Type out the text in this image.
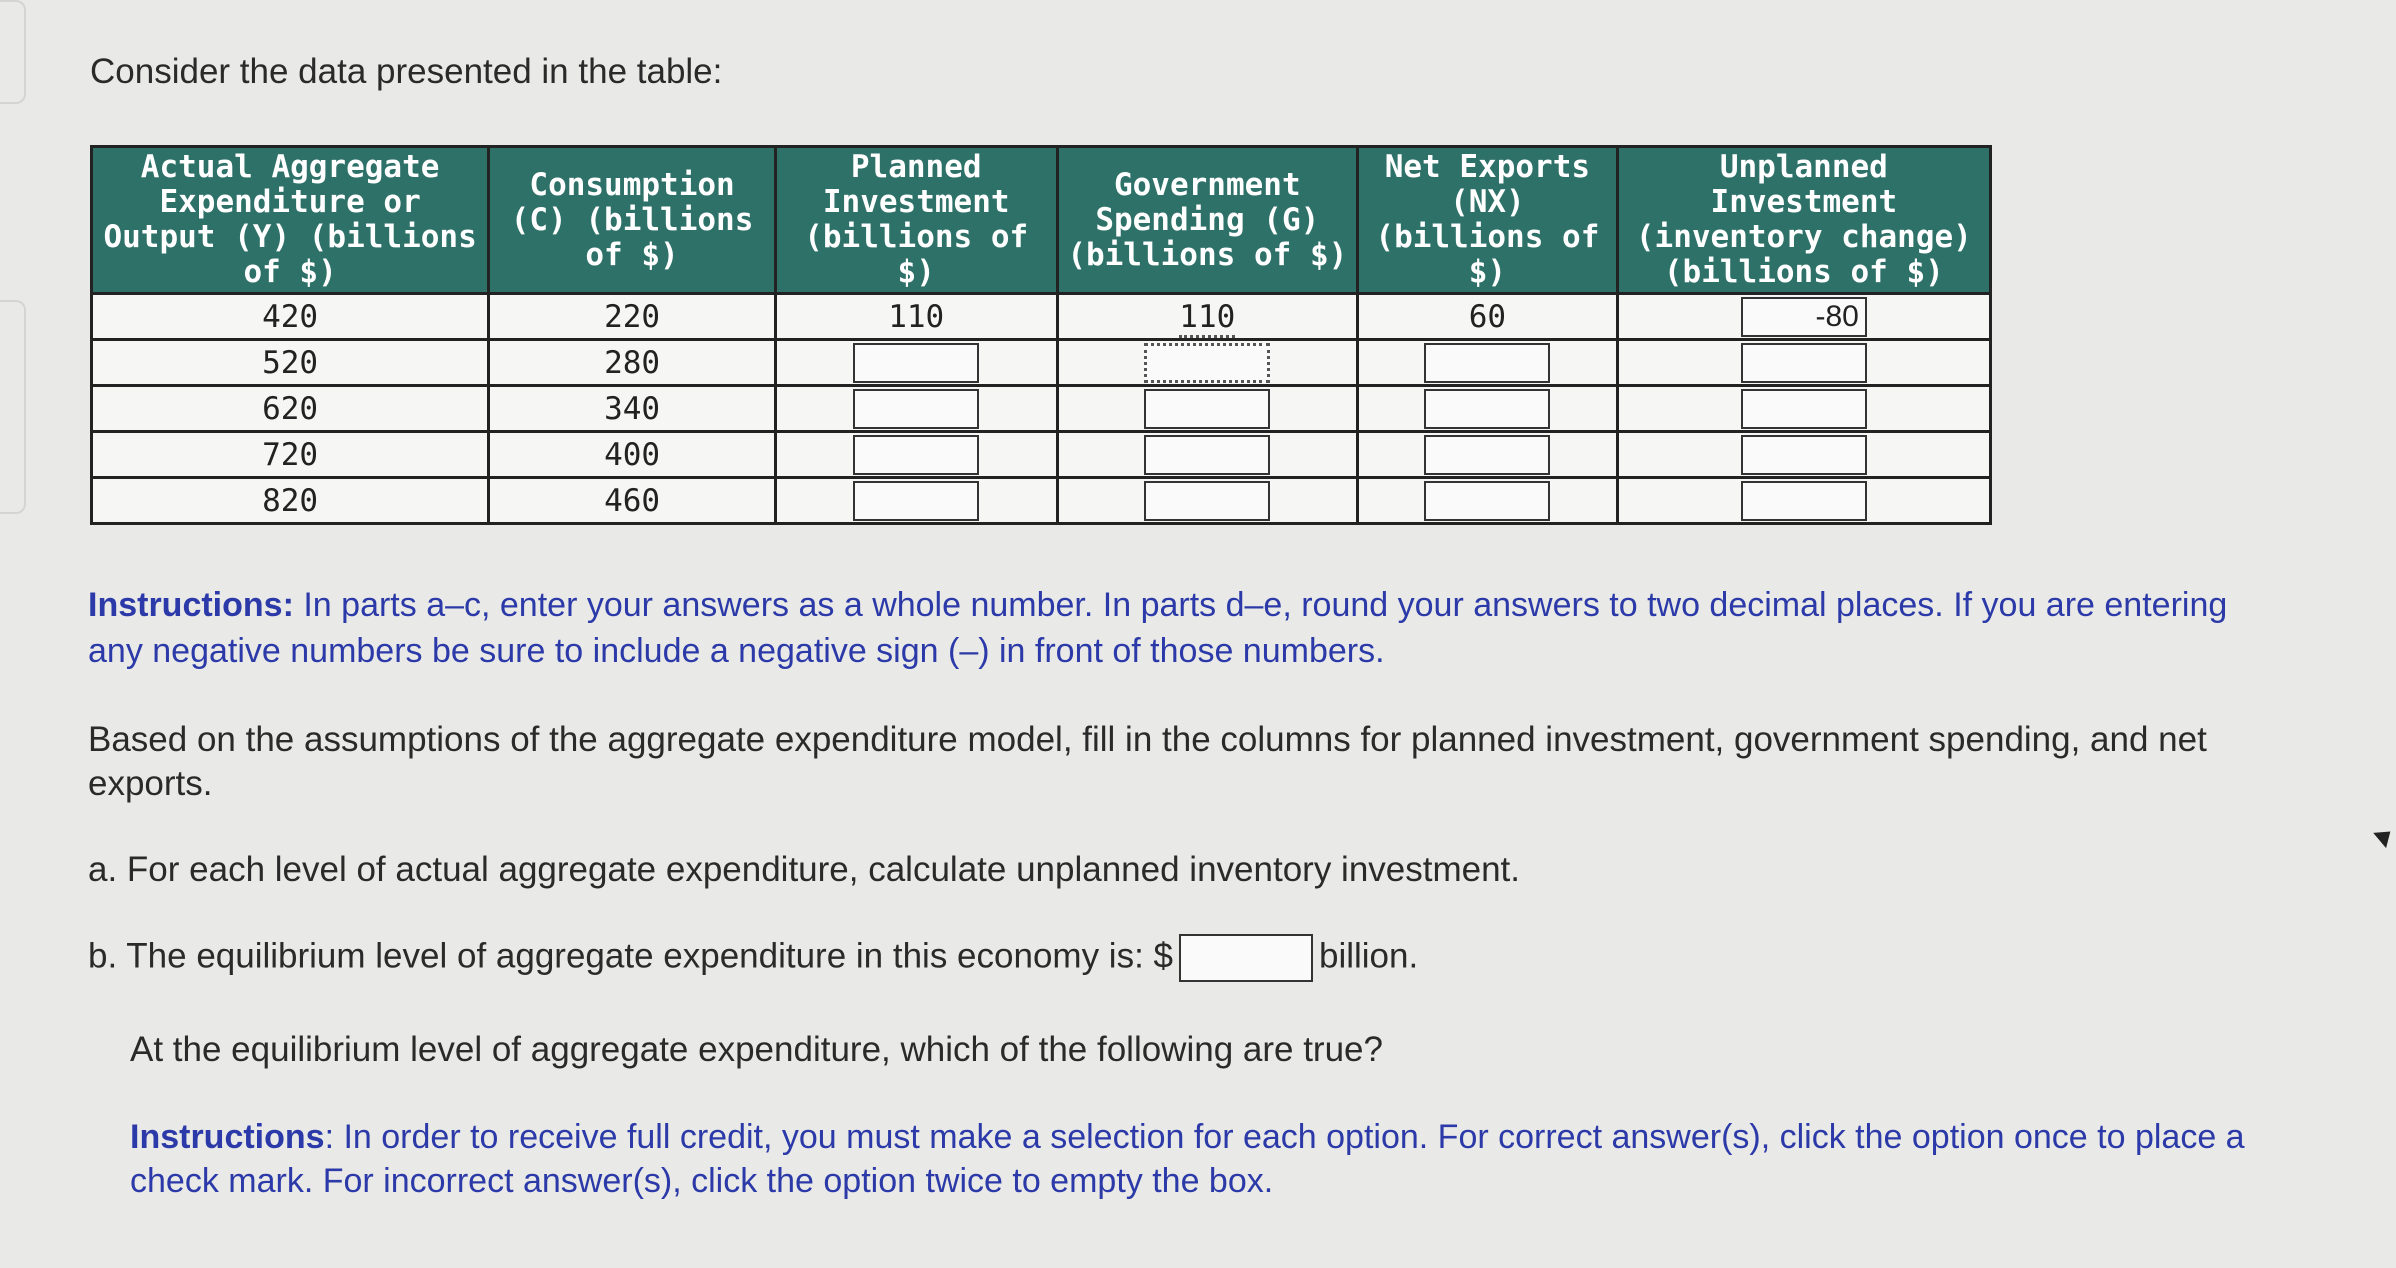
Consider the data presented in the table:
Actual Aggregate Expenditure or Output (Y) (billions of $)	Consumption (C) (billions of $)	Planned Investment (billions of $)	Government Spending (G) (billions of $)	Net Exports (NX) (billions of $)	Unplanned Investment (inventory change) (billions of $)
420	220	110	110	60	-80
520	280				
620	340				
720	400				
820	460				
Instructions: In parts a–c, enter your answers as a whole number. In parts d–e, round your answers to two decimal places. If you are entering any negative numbers be sure to include a negative sign (–) in front of those numbers.
Based on the assumptions of the aggregate expenditure model, fill in the columns for planned investment, government spending, and net exports.
a. For each level of actual aggregate expenditure, calculate unplanned inventory investment.
b. The equilibrium level of aggregate expenditure in this economy is: $	billion.
At the equilibrium level of aggregate expenditure, which of the following are true?
Instructions: In order to receive full credit, you must make a selection for each option. For correct answer(s), click the option once to place a check mark. For incorrect answer(s), click the option twice to empty the box.
